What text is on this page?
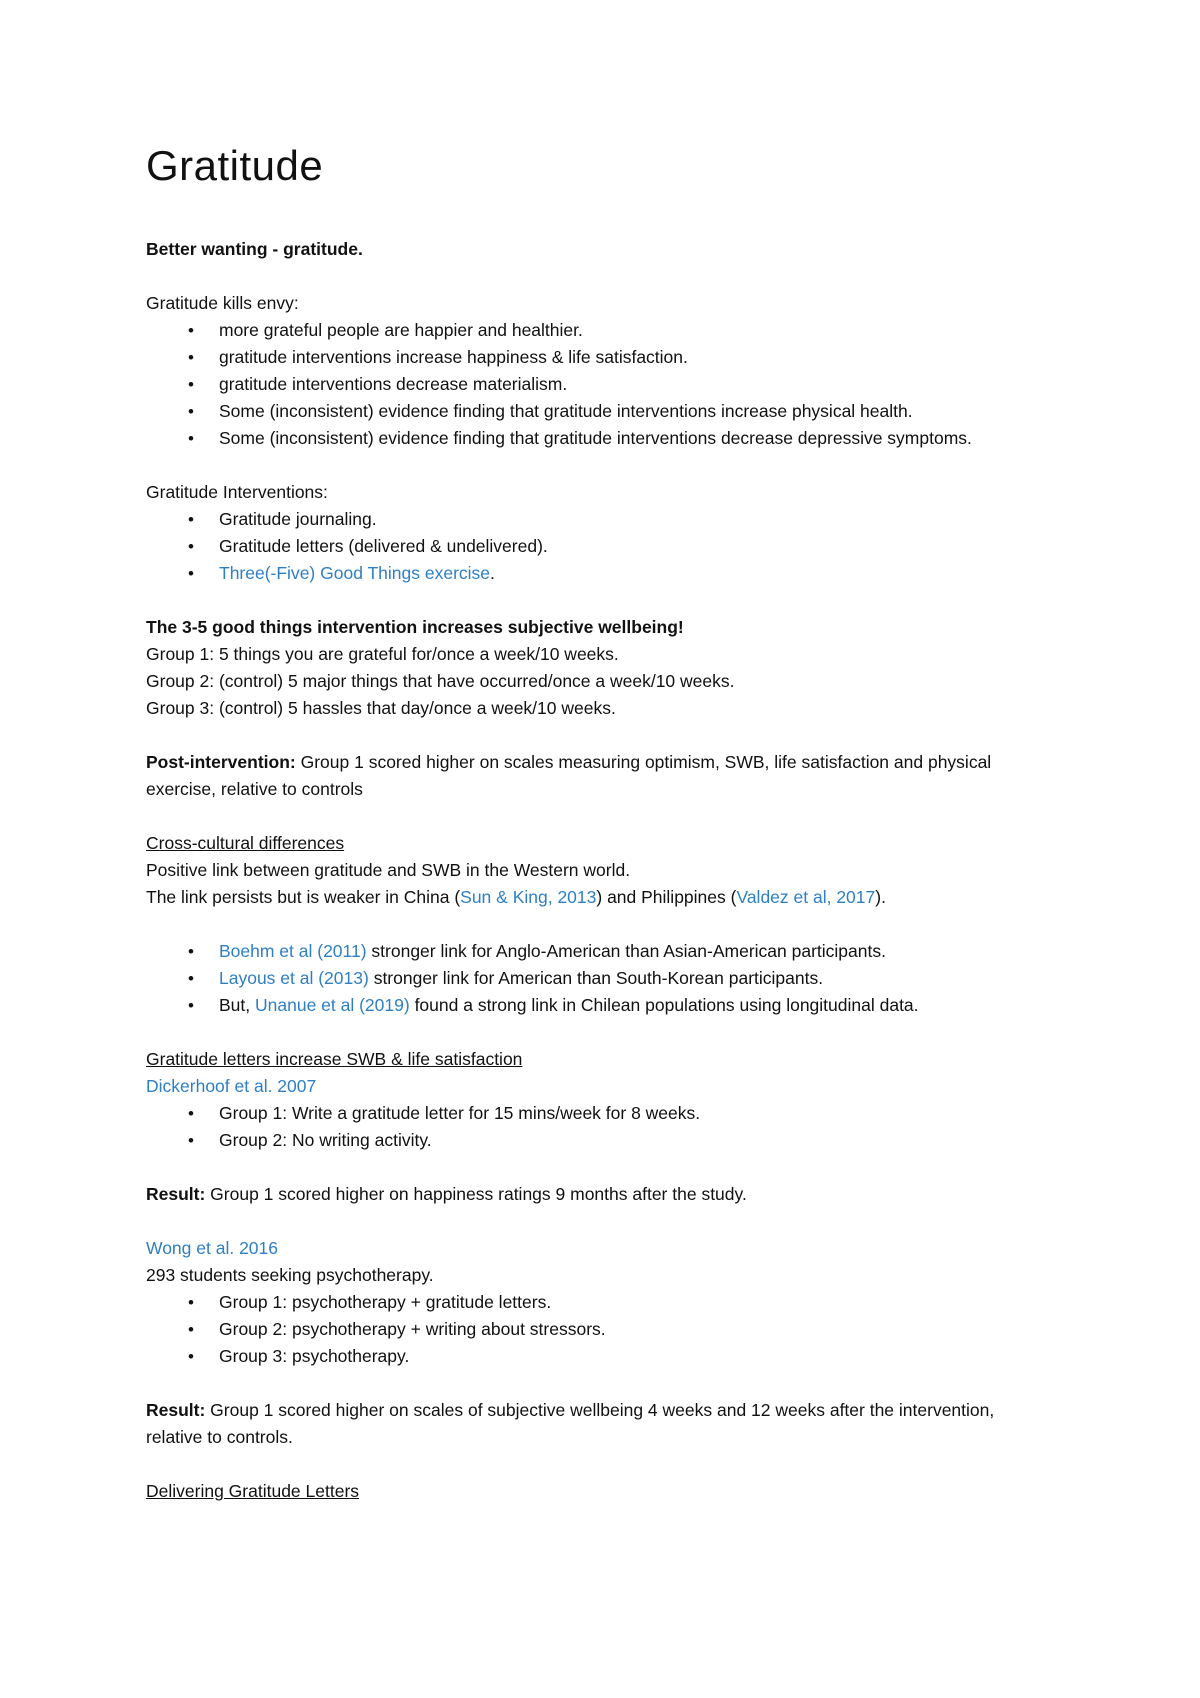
Gratitude

Better wanting - gratitude.

Gratitude kills envy:

• more grateful people are happier and healthier.
• gratitude interventions increase happiness & life satisfaction.
• gratitude interventions decrease materialism.
• Some (inconsistent) evidence finding that gratitude interventions increase physical health.
• Some (inconsistent) evidence finding that gratitude interventions decrease depressive symptoms.

Gratitude Interventions:

• Gratitude journaling.
• Gratitude letters (delivered & undelivered).
• Three(-Five) Good Things exercise.

The 3-5 good things intervention increases subjective wellbeing!

Group 1: 5 things you are grateful for/once a week/10 weeks.

Group 2: (control) 5 major things that have occurred/once a week/10 weeks.

Group 3: (control) 5 hassles that day/once a week/10 weeks.

Post-intervention: Group 1 scored higher on scales measuring optimism, SWB, life satisfaction and physical exercise, relative to controls

Cross-cultural differences

Positive link between gratitude and SWB in the Western world.

The link persists but is weaker in China (Sun & King, 2013) and Philippines (Valdez et al, 2017).

• Boehm et al (2011) stronger link for Anglo-American than Asian-American participants.
• Layous et al (2013) stronger link for American than South-Korean participants.
• But, Unanue et al (2019) found a strong link in Chilean populations using longitudinal data.

Gratitude letters increase SWB & life satisfaction

Dickerhoof et al. 2007

• Group 1: Write a gratitude letter for 15 mins/week for 8 weeks.
• Group 2: No writing activity.

Result: Group 1 scored higher on happiness ratings 9 months after the study.

Wong et al. 2016

293 students seeking psychotherapy.

• Group 1: psychotherapy + gratitude letters.
• Group 2: psychotherapy + writing about stressors.
• Group 3: psychotherapy.

Result: Group 1 scored higher on scales of subjective wellbeing 4 weeks and 12 weeks after the intervention, relative to controls.

Delivering Gratitude Letters
